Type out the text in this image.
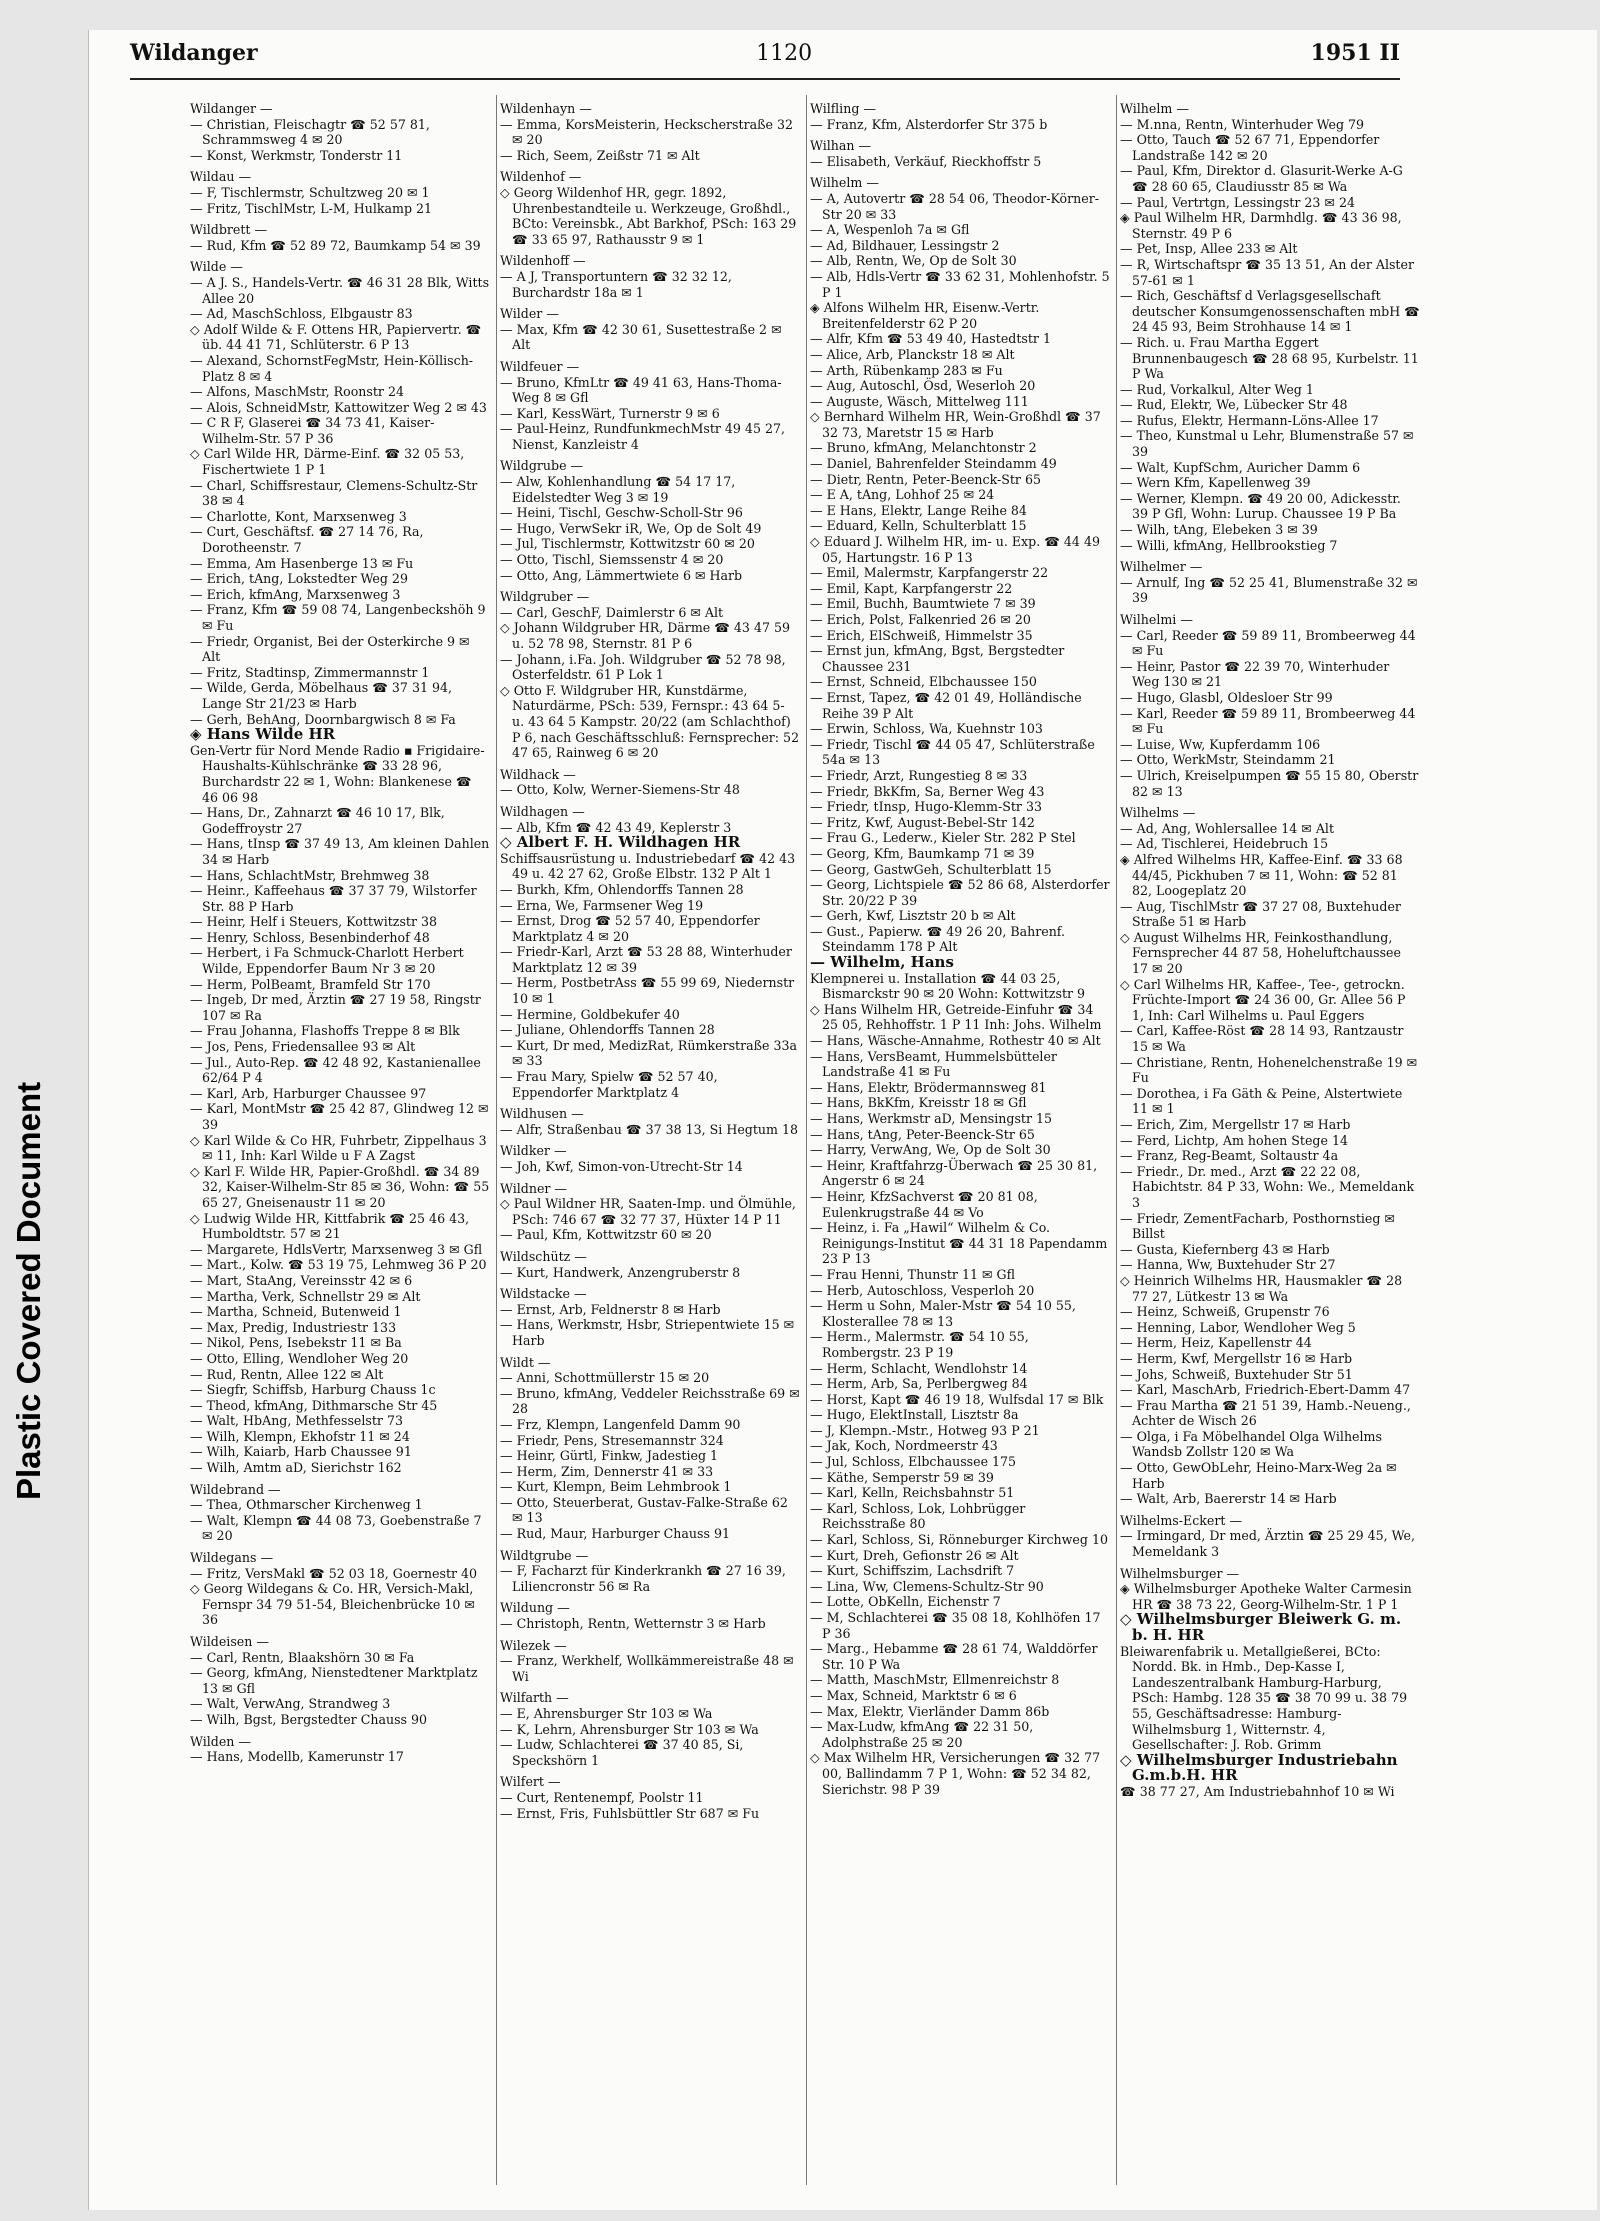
Plastic Covered Document
Wildanger	1120	1951 II
Wildanger —
— Christian, Fleischagtr ☎ 52 57 81, Schrammsweg 4 ✉ 20
— Konst, Werkmstr, Tonderstr 11
Wildau —
— F, Tischlermstr, Schultzweg 20 ✉ 1
— Fritz, TischlMstr, L-M, Hulkamp 21
Wildbrett —
— Rud, Kfm ☎ 52 89 72, Baumkamp 54 ✉ 39
Wilde —
— A J. S., Handels-Vertr. ☎ 46 31 28 Blk, Witts Allee 20
— Ad, MaschSchloss, Elbgaustr 83
◇ Adolf Wilde & F. Ottens HR, Papiervertr. ☎ üb. 44 41 71, Schlüterstr. 6 P 13
— Alexand, SchornstFegMstr, Hein-Köllisch-Platz 8 ✉ 4
— Alfons, MaschMstr, Roonstr 24
— Alois, SchneidMstr, Kattowitzer Weg 2 ✉ 43
— C R F, Glaserei ☎ 34 73 41, Kaiser-Wilhelm-Str. 57 P 36
◇ Carl Wilde HR, Därme-Einf. ☎ 32 05 53, Fischertwiete 1 P 1
— Charl, Schiffsrestaur, Clemens-Schultz-Str 38 ✉ 4
— Charlotte, Kont, Marxsenweg 3
— Curt, Geschäftsf. ☎ 27 14 76, Ra, Dorotheenstr. 7
— Emma, Am Hasenberge 13 ✉ Fu
— Erich, tAng, Lokstedter Weg 29
— Erich, kfmAng, Marxsenweg 3
— Franz, Kfm ☎ 59 08 74, Langenbeckshöh 9 ✉ Fu
— Friedr, Organist, Bei der Osterkirche 9 ✉ Alt
— Fritz, Stadtinsp, Zimmermannstr 1
— Wilde, Gerda, Möbelhaus ☎ 37 31 94, Lange Str 21/23 ✉ Harb
— Gerh, BehAng, Doornbargwisch 8 ✉ Fa
◈ Hans Wilde HR
Gen-Vertr für Nord Mende Radio ▪ Frigidaire-Haushalts-Kühlschränke ☎ 33 28 96, Burchardstr 22 ✉ 1, Wohn: Blankenese ☎ 46 06 98
— Hans, Dr., Zahnarzt ☎ 46 10 17, Blk, Godeffroystr 27
— Hans, tInsp ☎ 37 49 13, Am kleinen Dahlen 34 ✉ Harb
— Hans, SchlachtMstr, Brehmweg 38
— Heinr., Kaffeehaus ☎ 37 37 79, Wilstorfer Str. 88 P Harb
— Heinr, Helf i Steuers, Kottwitzstr 38
— Henry, Schloss, Besenbinderhof 48
— Herbert, i Fa Schmuck-Charlott Herbert Wilde, Eppendorfer Baum Nr 3 ✉ 20
— Herm, PolBeamt, Bramfeld Str 170
— Ingeb, Dr med, Ärztin ☎ 27 19 58, Ringstr 107 ✉ Ra
— Frau Johanna, Flashoffs Treppe 8 ✉ Blk
— Jos, Pens, Friedensallee 93 ✉ Alt
— Jul., Auto-Rep. ☎ 42 48 92, Kastanienallee 62/64 P 4
— Karl, Arb, Harburger Chaussee 97
— Karl, MontMstr ☎ 25 42 87, Glindweg 12 ✉ 39
◇ Karl Wilde & Co HR, Fuhrbetr, Zippelhaus 3 ✉ 11, Inh: Karl Wilde u F A Zagst
◇ Karl F. Wilde HR, Papier-Großhdl. ☎ 34 89 32, Kaiser-Wilhelm-Str 85 ✉ 36, Wohn: ☎ 55 65 27, Gneisenaustr 11 ✉ 20
◇ Ludwig Wilde HR, Kittfabrik ☎ 25 46 43, Humboldtstr. 57 ✉ 21
— Margarete, HdlsVertr, Marxsenweg 3 ✉ Gfl
— Mart., Kolw. ☎ 53 19 75, Lehmweg 36 P 20
— Mart, StaAng, Vereinsstr 42 ✉ 6
— Martha, Verk, Schnellstr 29 ✉ Alt
— Martha, Schneid, Butenweid 1
— Max, Predig, Industriestr 133
— Nikol, Pens, Isebekstr 11 ✉ Ba
— Otto, Elling, Wendloher Weg 20
— Rud, Rentn, Allee 122 ✉ Alt
— Siegfr, Schiffsb, Harburg Chauss 1c
— Theod, kfmAng, Dithmarsche Str 45
— Walt, HbAng, Methfesselstr 73
— Wilh, Klempn, Ekhofstr 11 ✉ 24
— Wilh, Kaiarb, Harb Chaussee 91
— Wilh, Amtm aD, Sierichstr 162
Wildebrand —
— Thea, Othmarscher Kirchenweg 1
— Walt, Klempn ☎ 44 08 73, Goebenstraße 7 ✉ 20
Wildegans —
— Fritz, VersMakl ☎ 52 03 18, Goernestr 40
◇ Georg Wildegans & Co. HR, Versich-Makl, Fernspr 34 79 51-54, Bleichenbrücke 10 ✉ 36
Wildeisen —
— Carl, Rentn, Blaakshörn 30 ✉ Fa
— Georg, kfmAng, Nienstedtener Marktplatz 13 ✉ Gfl
— Walt, VerwAng, Strandweg 3
— Wilh, Bgst, Bergstedter Chauss 90
Wilden —
— Hans, Modellb, Kamerunstr 17
Wildenhayn —
— Emma, KorsMeisterin, Heckscherstraße 32 ✉ 20
— Rich, Seem, Zeißstr 71 ✉ Alt
Wildenhof —
◇ Georg Wildenhof HR, gegr. 1892, Uhrenbestandteile u. Werkzeuge, Großhdl., BCto: Vereinsbk., Abt Barkhof, PSch: 163 29 ☎ 33 65 97, Rathausstr 9 ✉ 1
Wildenhoff —
— A J, Transportuntern ☎ 32 32 12, Burchardstr 18a ✉ 1
Wilder —
— Max, Kfm ☎ 42 30 61, Susettestraße 2 ✉ Alt
Wildfeuer —
— Bruno, KfmLtr ☎ 49 41 63, Hans-Thoma-Weg 8 ✉ Gfl
— Karl, KessWärt, Turnerstr 9 ✉ 6
— Paul-Heinz, RundfunkmechMstr 49 45 27, Nienst, Kanzleistr 4
Wildgrube —
— Alw, Kohlenhandlung ☎ 54 17 17, Eidelstedter Weg 3 ✉ 19
— Heini, Tischl, Geschw-Scholl-Str 96
— Hugo, VerwSekr iR, We, Op de Solt 49
— Jul, Tischlermstr, Kottwitzstr 60 ✉ 20
— Otto, Tischl, Siemssenstr 4 ✉ 20
— Otto, Ang, Lämmertwiete 6 ✉ Harb
Wildgruber —
— Carl, GeschF, Daimlerstr 6 ✉ Alt
◇ Johann Wildgruber HR, Därme ☎ 43 47 59 u. 52 78 98, Sternstr. 81 P 6
— Johann, i.Fa. Joh. Wildgruber ☎ 52 78 98, Osterfeldstr. 61 P Lok 1
◇ Otto F. Wildgruber HR, Kunstdärme, Naturdärme, PSch: 539, Fernspr.: 43 64 5- u. 43 64 5 Kampstr. 20/22 (am Schlachthof) P 6, nach Geschäftsschluß: Fernsprecher: 52 47 65, Rainweg 6 ✉ 20
Wildhack —
— Otto, Kolw, Werner-Siemens-Str 48
Wildhagen —
— Alb, Kfm ☎ 42 43 49, Keplerstr 3
◇ Albert F. H. Wildhagen HR
Schiffsausrüstung u. Industriebedarf ☎ 42 43 49 u. 42 27 62, Große Elbstr. 132 P Alt 1
— Burkh, Kfm, Ohlendorffs Tannen 28
— Erna, We, Farmsener Weg 19
— Ernst, Drog ☎ 52 57 40, Eppendorfer Marktplatz 4 ✉ 20
— Friedr-Karl, Arzt ☎ 53 28 88, Winterhuder Marktplatz 12 ✉ 39
— Herm, PostbetrAss ☎ 55 99 69, Niedernstr 10 ✉ 1
— Hermine, Goldbekufer 40
— Juliane, Ohlendorffs Tannen 28
— Kurt, Dr med, MedizRat, Rümkerstraße 33a ✉ 33
— Frau Mary, Spielw ☎ 52 57 40, Eppendorfer Marktplatz 4
Wildhusen —
— Alfr, Straßenbau ☎ 37 38 13, Si Hegtum 18
Wildker —
— Joh, Kwf, Simon-von-Utrecht-Str 14
Wildner —
◇ Paul Wildner HR, Saaten-Imp. und Ölmühle, PSch: 746 67 ☎ 32 77 37, Hüxter 14 P 11
— Paul, Kfm, Kottwitzstr 60 ✉ 20
Wildschütz —
— Kurt, Handwerk, Anzengruberstr 8
Wildstacke —
— Ernst, Arb, Feldnerstr 8 ✉ Harb
— Hans, Werkmstr, Hsbr, Striepentwiete 15 ✉ Harb
Wildt —
— Anni, Schottmüllerstr 15 ✉ 20
— Bruno, kfmAng, Veddeler Reichsstraße 69 ✉ 28
— Frz, Klempn, Langenfeld Damm 90
— Friedr, Pens, Stresemannstr 324
— Heinr, Gürtl, Finkw, Jadestieg 1
— Herm, Zim, Dennerstr 41 ✉ 33
— Kurt, Klempn, Beim Lehmbrook 1
— Otto, Steuerberat, Gustav-Falke-Straße 62 ✉ 13
— Rud, Maur, Harburger Chauss 91
Wildtgrube —
— F, Facharzt für Kinderkrankh ☎ 27 16 39, Liliencronstr 56 ✉ Ra
Wildung —
— Christoph, Rentn, Wetternstr 3 ✉ Harb
Wilezek —
— Franz, Werkhelf, Wollkämmereistraße 48 ✉ Wi
Wilfarth —
— E, Ahrensburger Str 103 ✉ Wa
— K, Lehrn, Ahrensburger Str 103 ✉ Wa
— Ludw, Schlachterei ☎ 37 40 85, Si, Speckshörn 1
Wilfert —
— Curt, Rentenempf, Poolstr 11
— Ernst, Fris, Fuhlsbüttler Str 687 ✉ Fu
Wilfling —
— Franz, Kfm, Alsterdorfer Str 375 b
Wilhan —
— Elisabeth, Verkäuf, Rieckhoffstr 5
Wilhelm —
— A, Autovertr ☎ 28 54 06, Theodor-Körner-Str 20 ✉ 33
— A, Wespenloh 7a ✉ Gfl
— Ad, Bildhauer, Lessingstr 2
— Alb, Rentn, We, Op de Solt 30
— Alb, Hdls-Vertr ☎ 33 62 31, Mohlenhofstr. 5 P 1
◈ Alfons Wilhelm HR, Eisenw.-Vertr. Breitenfelderstr 62 P 20
— Alfr, Kfm ☎ 53 49 40, Hastedtstr 1
— Alice, Arb, Planckstr 18 ✉ Alt
— Arth, Rübenkamp 283 ✉ Fu
— Aug, Autoschl, Ösd, Weserloh 20
— Auguste, Wäsch, Mittelweg 111
◇ Bernhard Wilhelm HR, Wein-Großhdl ☎ 37 32 73, Maretstr 15 ✉ Harb
— Bruno, kfmAng, Melanchtonstr 2
— Daniel, Bahrenfelder Steindamm 49
— Dietr, Rentn, Peter-Beenck-Str 65
— E A, tAng, Lohhof 25 ✉ 24
— E Hans, Elektr, Lange Reihe 84
— Eduard, Kelln, Schulterblatt 15
◇ Eduard J. Wilhelm HR, im- u. Exp. ☎ 44 49 05, Hartungstr. 16 P 13
— Emil, Malermstr, Karpfangerstr 22
— Emil, Kapt, Karpfangerstr 22
— Emil, Buchh, Baumtwiete 7 ✉ 39
— Erich, Polst, Falkenried 26 ✉ 20
— Erich, ElSchweiß, Himmelstr 35
— Ernst jun, kfmAng, Bgst, Bergstedter Chaussee 231
— Ernst, Schneid, Elbchaussee 150
— Ernst, Tapez, ☎ 42 01 49, Holländische Reihe 39 P Alt
— Erwin, Schloss, Wa, Kuehnstr 103
— Friedr, Tischl ☎ 44 05 47, Schlüterstraße 54a ✉ 13
— Friedr, Arzt, Rungestieg 8 ✉ 33
— Friedr, BkKfm, Sa, Berner Weg 43
— Friedr, tInsp, Hugo-Klemm-Str 33
— Fritz, Kwf, August-Bebel-Str 142
— Frau G., Lederw., Kieler Str. 282 P Stel
— Georg, Kfm, Baumkamp 71 ✉ 39
— Georg, GastwGeh, Schulterblatt 15
— Georg, Lichtspiele ☎ 52 86 68, Alsterdorfer Str. 20/22 P 39
— Gerh, Kwf, Lisztstr 20 b ✉ Alt
— Gust., Papierw. ☎ 49 26 20, Bahrenf. Steindamm 178 P Alt
— Wilhelm, Hans
Klempnerei u. Installation ☎ 44 03 25, Bismarckstr 90 ✉ 20 Wohn: Kottwitzstr 9
◇ Hans Wilhelm HR, Getreide-Einfuhr ☎ 34 25 05, Rehhoffstr. 1 P 11 Inh: Johs. Wilhelm
— Hans, Wäsche-Annahme, Rothestr 40 ✉ Alt
— Hans, VersBeamt, Hummelsbütteler Landstraße 41 ✉ Fu
— Hans, Elektr, Brödermannsweg 81
— Hans, BkKfm, Kreisstr 18 ✉ Gfl
— Hans, Werkmstr aD, Mensingstr 15
— Hans, tAng, Peter-Beenck-Str 65
— Harry, VerwAng, We, Op de Solt 30
— Heinr, Kraftfahrzg-Überwach ☎ 25 30 81, Angerstr 6 ✉ 24
— Heinr, KfzSachverst ☎ 20 81 08, Eulenkrugstraße 44 ✉ Vo
— Heinz, i. Fa „Hawil“ Wilhelm & Co. Reinigungs-Institut ☎ 44 31 18 Papendamm 23 P 13
— Frau Henni, Thunstr 11 ✉ Gfl
— Herb, Autoschloss, Vesperloh 20
— Herm u Sohn, Maler-Mstr ☎ 54 10 55, Klosterallee 78 ✉ 13
— Herm., Malermstr. ☎ 54 10 55, Rombergstr. 23 P 19
— Herm, Schlacht, Wendlohstr 14
— Herm, Arb, Sa, Perlbergweg 84
— Horst, Kapt ☎ 46 19 18, Wulfsdal 17 ✉ Blk
— Hugo, ElektInstall, Lisztstr 8a
— J, Klempn.-Mstr., Hotweg 93 P 21
— Jak, Koch, Nordmeerstr 43
— Jul, Schloss, Elbchaussee 175
— Käthe, Semperstr 59 ✉ 39
— Karl, Kelln, Reichsbahnstr 51
— Karl, Schloss, Lok, Lohbrügger Reichsstraße 80
— Karl, Schloss, Si, Rönneburger Kirchweg 10
— Kurt, Dreh, Gefionstr 26 ✉ Alt
— Kurt, Schiffszim, Lachsdrift 7
— Lina, Ww, Clemens-Schultz-Str 90
— Lotte, ObKelln, Eichenstr 7
— M, Schlachterei ☎ 35 08 18, Kohlhöfen 17 P 36
— Marg., Hebamme ☎ 28 61 74, Walddörfer Str. 10 P Wa
— Matth, MaschMstr, Ellmenreichstr 8
— Max, Schneid, Marktstr 6 ✉ 6
— Max, Elektr, Vierländer Damm 86b
— Max-Ludw, kfmAng ☎ 22 31 50, Adolphstraße 25 ✉ 20
◇ Max Wilhelm HR, Versicherungen ☎ 32 77 00, Ballindamm 7 P 1, Wohn: ☎ 52 34 82, Sierichstr. 98 P 39
Wilhelm —
— M.nna, Rentn, Winterhuder Weg 79
— Otto, Tauch ☎ 52 67 71, Eppendorfer Landstraße 142 ✉ 20
— Paul, Kfm, Direktor d. Glasurit-Werke A-G ☎ 28 60 65, Claudiusstr 85 ✉ Wa
— Paul, Vertrtgn, Lessingstr 23 ✉ 24
◈ Paul Wilhelm HR, Darmhdlg. ☎ 43 36 98, Sternstr. 49 P 6
— Pet, Insp, Allee 233 ✉ Alt
— R, Wirtschaftspr ☎ 35 13 51, An der Alster 57-61 ✉ 1
— Rich, Geschäftsf d Verlagsgesellschaft deutscher Konsumgenossenschaften mbH ☎ 24 45 93, Beim Strohhause 14 ✉ 1
— Rich. u. Frau Martha Eggert Brunnenbaugesch ☎ 28 68 95, Kurbelstr. 11 P Wa
— Rud, Vorkalkul, Alter Weg 1
— Rud, Elektr, We, Lübecker Str 48
— Rufus, Elektr, Hermann-Löns-Allee 17
— Theo, Kunstmal u Lehr, Blumenstraße 57 ✉ 39
— Walt, KupfSchm, Auricher Damm 6
— Wern Kfm, Kapellenweg 39
— Werner, Klempn. ☎ 49 20 00, Adickesstr. 39 P Gfl, Wohn: Lurup. Chaussee 19 P Ba
— Wilh, tAng, Elebeken 3 ✉ 39
— Willi, kfmAng, Hellbrookstieg 7
Wilhelmer —
— Arnulf, Ing ☎ 52 25 41, Blumenstraße 32 ✉ 39
Wilhelmi —
— Carl, Reeder ☎ 59 89 11, Brombeerweg 44 ✉ Fu
— Heinr, Pastor ☎ 22 39 70, Winterhuder Weg 130 ✉ 21
— Hugo, Glasbl, Oldesloer Str 99
— Karl, Reeder ☎ 59 89 11, Brombeerweg 44 ✉ Fu
— Luise, Ww, Kupferdamm 106
— Otto, WerkMstr, Steindamm 21
— Ulrich, Kreiselpumpen ☎ 55 15 80, Oberstr 82 ✉ 13
Wilhelms —
— Ad, Ang, Wohlersallee 14 ✉ Alt
— Ad, Tischlerei, Heidebruch 15
◈ Alfred Wilhelms HR, Kaffee-Einf. ☎ 33 68 44/45, Pickhuben 7 ✉ 11, Wohn: ☎ 52 81 82, Loogeplatz 20
— Aug, TischlMstr ☎ 37 27 08, Buxtehuder Straße 51 ✉ Harb
◇ August Wilhelms HR, Feinkosthandlung, Fernsprecher 44 87 58, Hoheluftchaussee 17 ✉ 20
◇ Carl Wilhelms HR, Kaffee-, Tee-, getrockn. Früchte-Import ☎ 24 36 00, Gr. Allee 56 P 1, Inh: Carl Wilhelms u. Paul Eggers
— Carl, Kaffee-Röst ☎ 28 14 93, Rantzaustr 15 ✉ Wa
— Christiane, Rentn, Hohenelchenstraße 19 ✉ Fu
— Dorothea, i Fa Gäth & Peine, Alstertwiete 11 ✉ 1
— Erich, Zim, Mergellstr 17 ✉ Harb
— Ferd, Lichtp, Am hohen Stege 14
— Franz, Reg-Beamt, Soltaustr 4a
— Friedr., Dr. med., Arzt ☎ 22 22 08, Habichtstr. 84 P 33, Wohn: We., Memeldank 3
— Friedr, ZementFacharb, Posthornstieg ✉ Billst
— Gusta, Kiefernberg 43 ✉ Harb
— Hanna, Ww, Buxtehuder Str 27
◇ Heinrich Wilhelms HR, Hausmakler ☎ 28 77 27, Lütkestr 13 ✉ Wa
— Heinz, Schweiß, Grupenstr 76
— Henning, Labor, Wendloher Weg 5
— Herm, Heiz, Kapellenstr 44
— Herm, Kwf, Mergellstr 16 ✉ Harb
— Johs, Schweiß, Buxtehuder Str 51
— Karl, MaschArb, Friedrich-Ebert-Damm 47
— Frau Martha ☎ 21 51 39, Hamb.-Neueng., Achter de Wisch 26
— Olga, i Fa Möbelhandel Olga Wilhelms Wandsb Zollstr 120 ✉ Wa
— Otto, GewObLehr, Heino-Marx-Weg 2a ✉ Harb
— Walt, Arb, Baererstr 14 ✉ Harb
Wilhelms-Eckert —
— Irmingard, Dr med, Ärztin ☎ 25 29 45, We, Memeldank 3
Wilhelmsburger —
◈ Wilhelmsburger Apotheke Walter Carmesin HR ☎ 38 73 22, Georg-Wilhelm-Str. 1 P 1
◇ Wilhelmsburger Bleiwerk G. m. b. H. HR
Bleiwarenfabrik u. Metallgießerei, BCto: Nordd. Bk. in Hmb., Dep-Kasse I, Landeszentralbank Hamburg-Harburg, PSch: Hambg. 128 35 ☎ 38 70 99 u. 38 79 55, Geschäftsadresse: Hamburg-Wilhelmsburg 1, Witternstr. 4, Gesellschafter: J. Rob. Grimm
◇ Wilhelmsburger Industriebahn G.m.b.H. HR
☎ 38 77 27, Am Industriebahnhof 10 ✉ Wi
